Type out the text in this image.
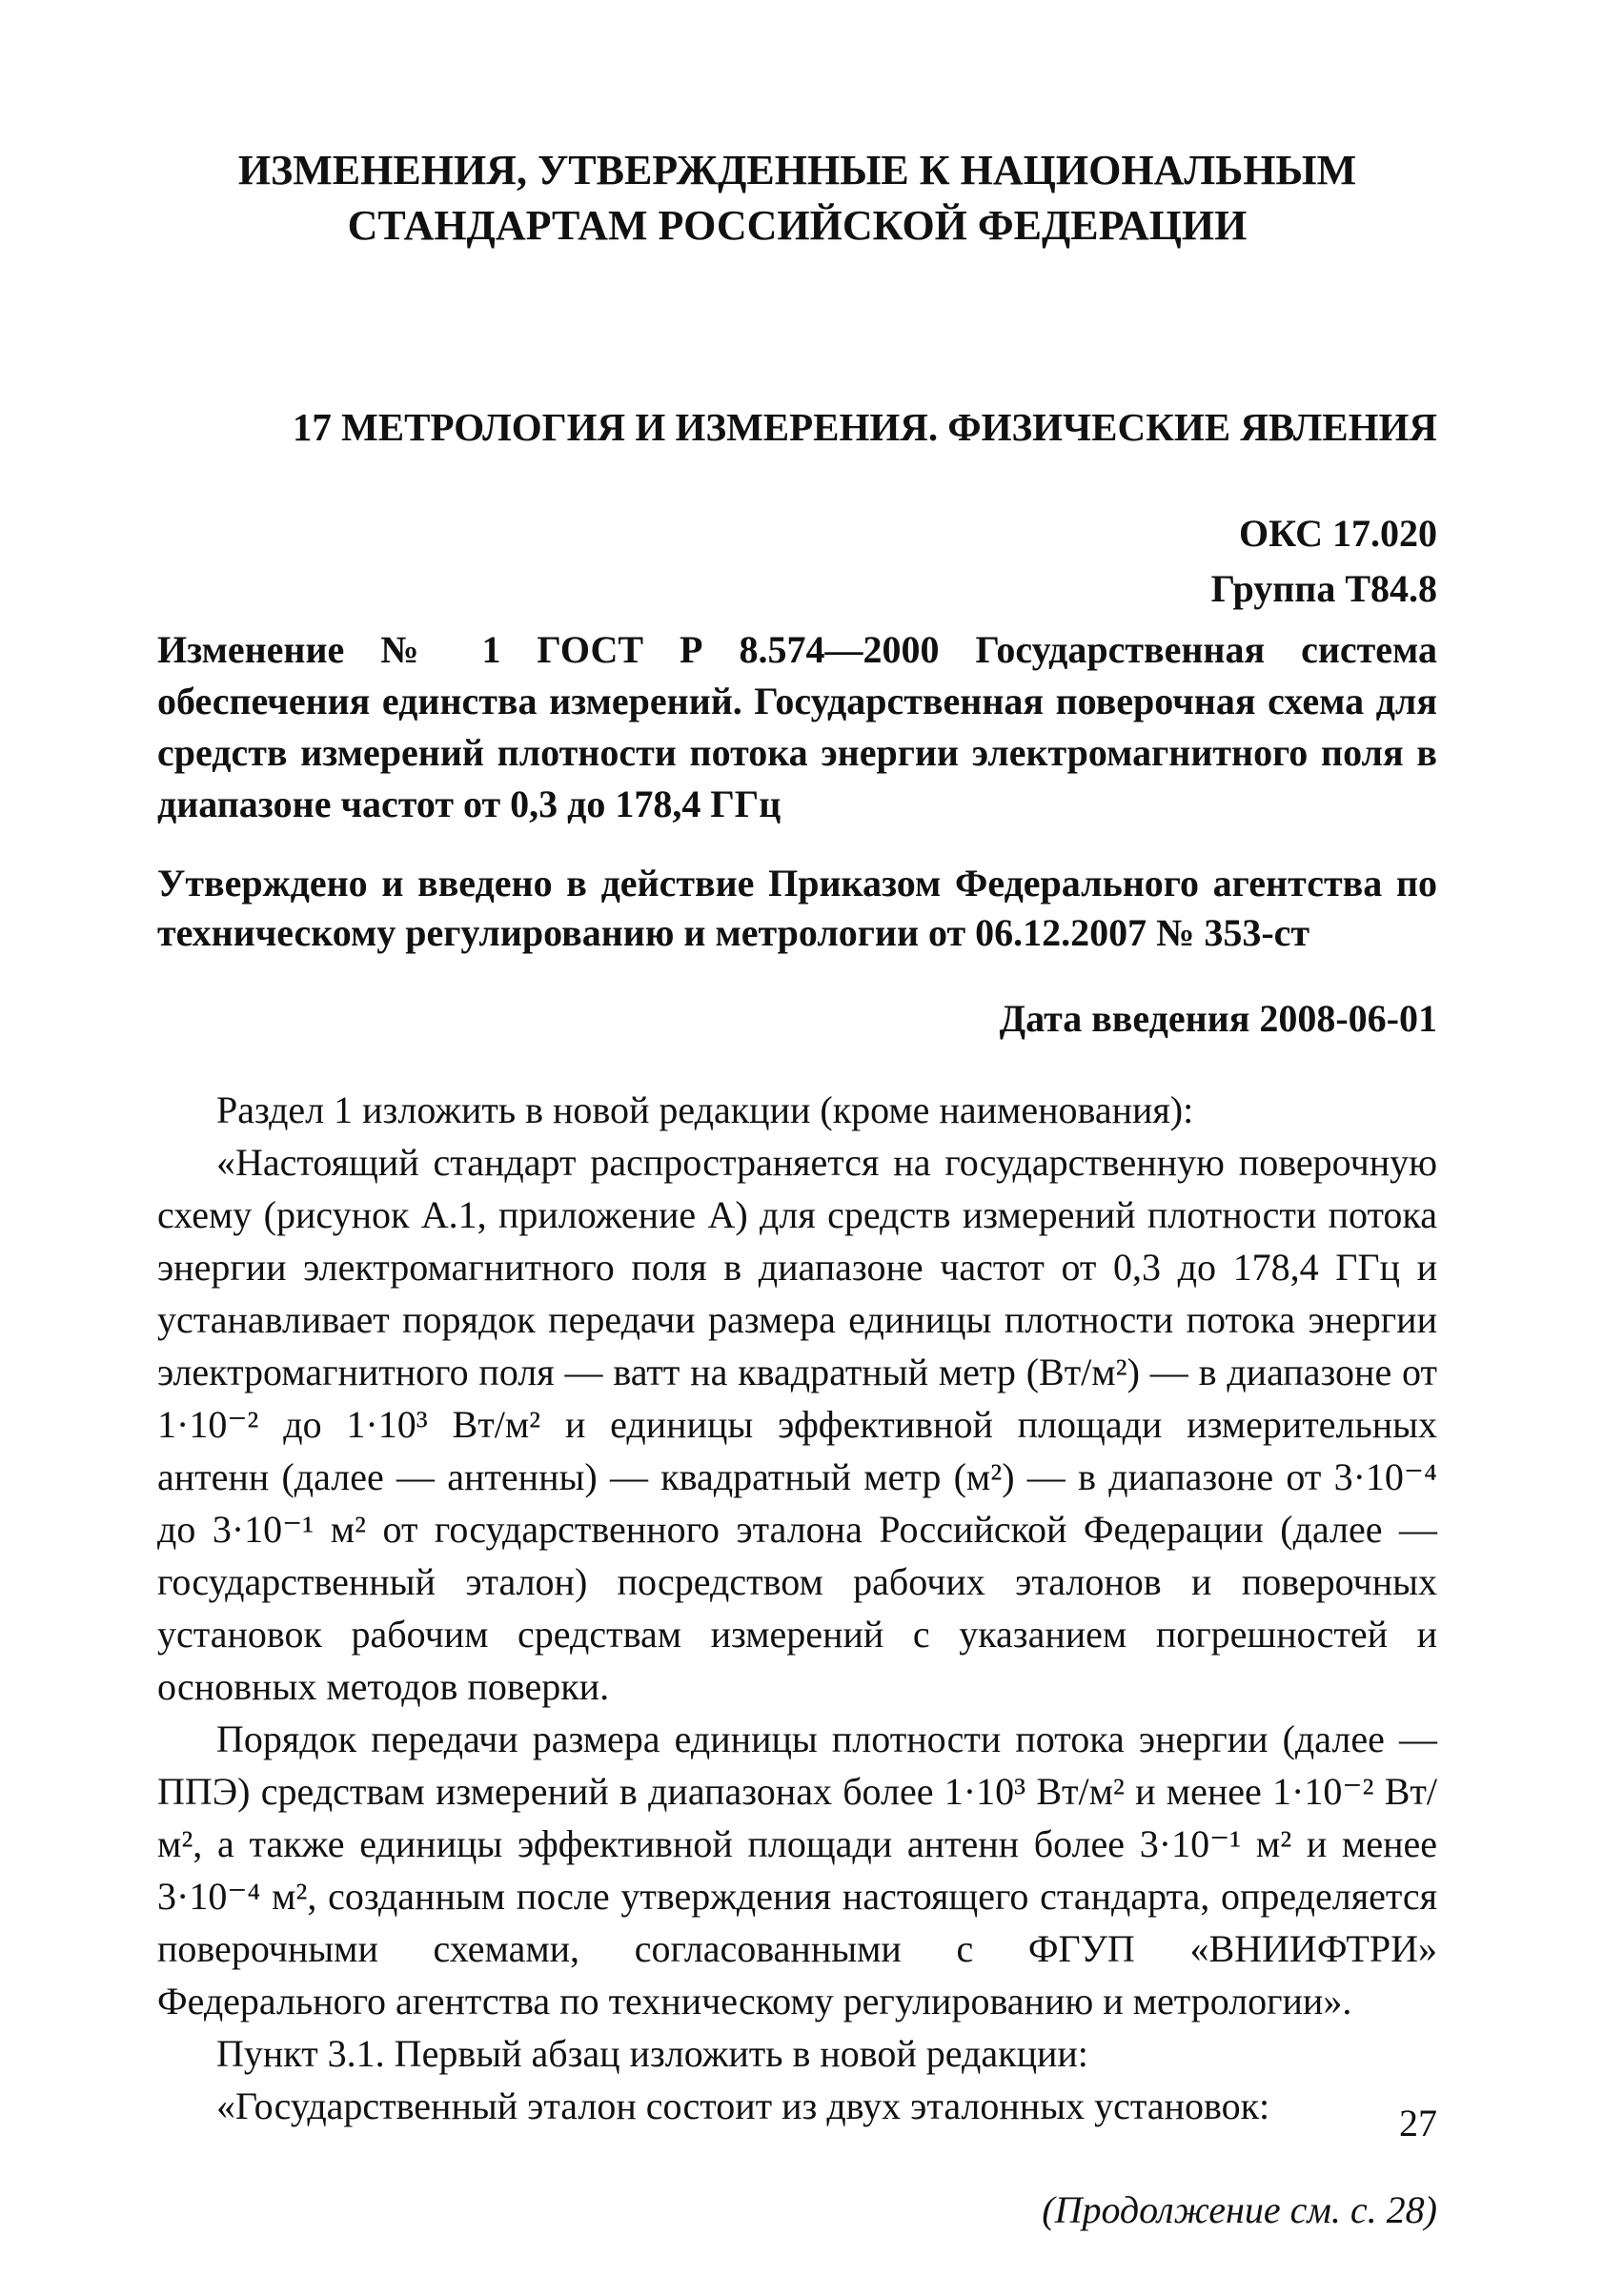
ИЗМЕНЕНИЯ, УТВЕРЖДЕННЫЕ К НАЦИОНАЛЬНЫМ
СТАНДАРТАМ РОССИЙСКОЙ ФЕДЕРАЦИИ
17 МЕТРОЛОГИЯ И ИЗМЕРЕНИЯ. ФИЗИЧЕСКИЕ ЯВЛЕНИЯ
ОКС 17.020
Группа Т84.8

Изменение № 1 ГОСТ Р 8.574—2000 Государственная система обеспечения единства измерений. Государственная поверочная схема для средств измерений плотности потока энергии электромагнитного поля в диапазоне частот от 0,3 до 178,4 ГГц

Утверждено и введено в действие Приказом Федерального агентства по техническому регулированию и метрологии от 06.12.2007 № 353-ст

Дата введения 2008-06-01

Раздел 1 изложить в новой редакции (кроме наименования):

«Настоящий стандарт распространяется на государственную поверочную схему (рисунок А.1, приложение А) для средств измерений плотности потока энергии электромагнитного поля в диапазоне частот от 0,3 до 178,4 ГГц и устанавливает порядок передачи размера единицы плотности потока энергии электромагнитного поля — ватт на квадратный метр (Вт/м²) — в диапазоне от 1·10⁻² до 1·10³ Вт/м² и единицы эффективной площади измерительных антенн (далее — антенны) — квадратный метр (м²) — в диапазоне от 3·10⁻⁴ до 3·10⁻¹ м² от государственного эталона Российской Федерации (далее — государственный эталон) посредством рабочих эталонов и поверочных установок рабочим средствам измерений с указанием погрешностей и основных методов поверки.

Порядок передачи размера единицы плотности потока энергии (далее — ППЭ) средствам измерений в диапазонах более 1·10³ Вт/м² и менее 1·10⁻² Вт/м², а также единицы эффективной площади антенн более 3·10⁻¹ м² и менее 3·10⁻⁴ м², созданным после утверждения настоящего стандарта, определяется поверочными схемами, согласованными с ФГУП «ВНИИФТРИ» Федерального агентства по техническому регулированию и метрологии».

Пункт 3.1. Первый абзац изложить в новой редакции:

«Государственный эталон состоит из двух эталонных установок:

(Продолжение см. с. 28)
27
